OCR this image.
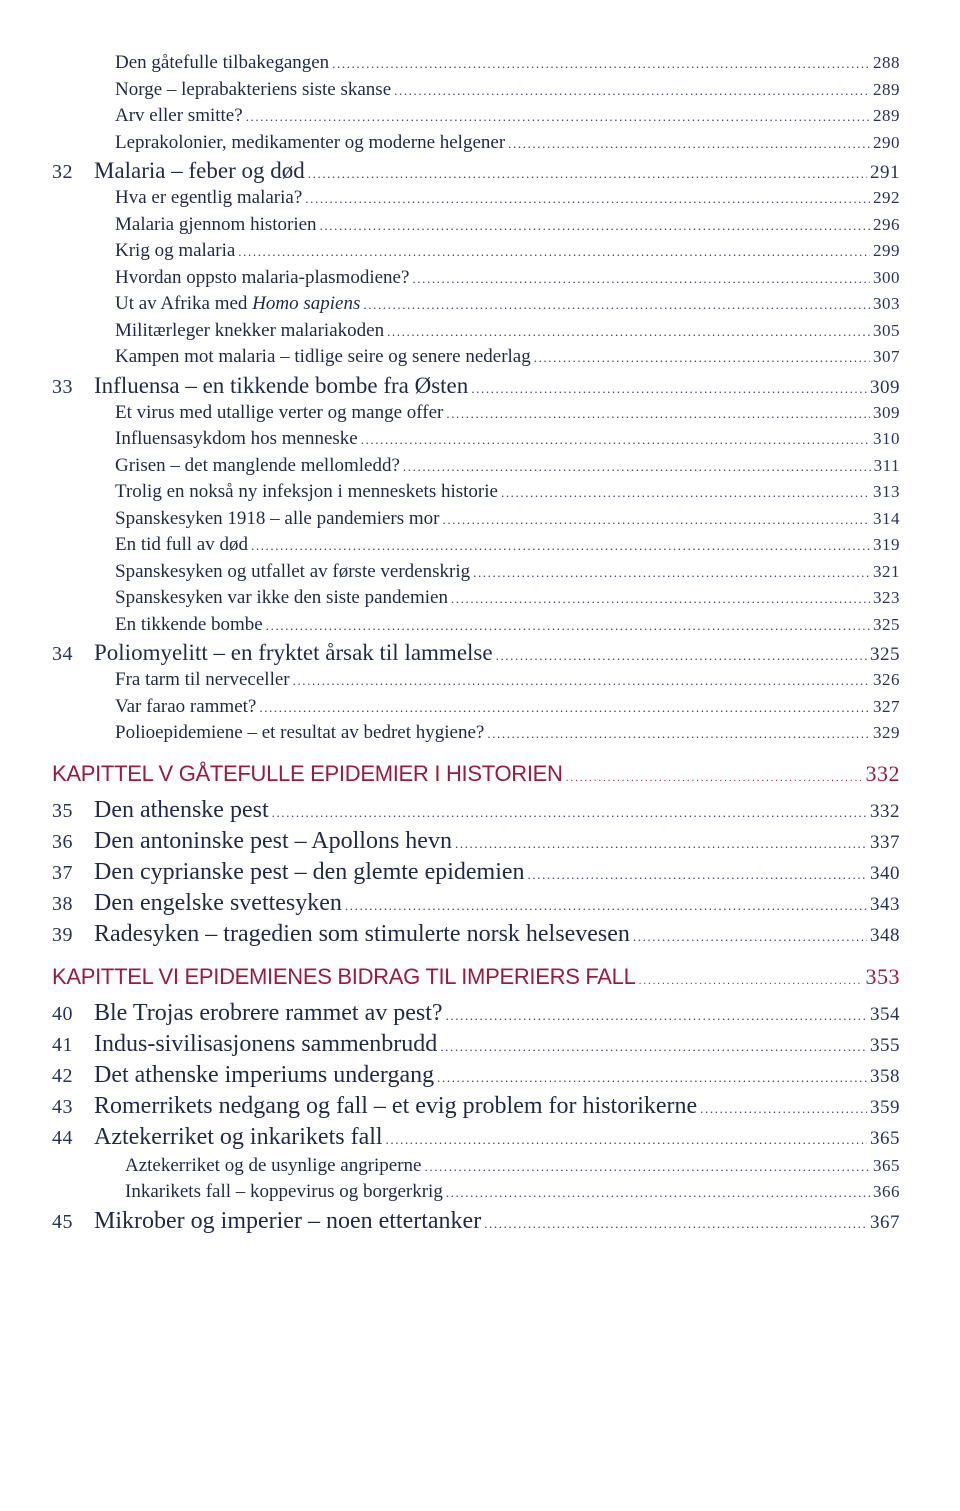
Den gåtefulle tilbakegangen .....	288
Norge – leprabakteriens siste skanse .....	289
Arv eller smitte? .....	289
Leprakolonier, medikamenter og moderne helgener .....	290
32 Malaria – feber og død .....	291
Hva er egentlig malaria? .....	292
Malaria gjennom historien .....	296
Krig og malaria .....	299
Hvordan oppsto malaria-plasmodiene? .....	300
Ut av Afrika med Homo sapiens .....	303
Militærleger knekker malariakoden .....	305
Kampen mot malaria – tidlige seire og senere nederlag .....	307
33 Influensa – en tikkende bombe fra Østen .....	309
Et virus med utallige verter og mange offer .....	309
Influensasykdom hos menneske .....	310
Grisen – det manglende mellomledd? .....	311
Trolig en nokså ny infeksjon i menneskets historie .....	313
Spanskesyken 1918 – alle pandemiers mor .....	314
En tid full av død .....	319
Spanskesyken og utfallet av første verdenskrig .....	321
Spanskesyken var ikke den siste pandemien .....	323
En tikkende bombe .....	325
34 Poliomyelitt – en fryktet årsak til lammelse .....	325
Fra tarm til nerveceller .....	326
Var farao rammet? .....	327
Polioepidemiene – et resultat av bedret hygiene? .....	329
KAPITTEL V GÅTEFULLE EPIDEMIER I HISTORIEN .....	332
35 Den athenske pest .....	332
36 Den antoninske pest – Apollons hevn .....	337
37 Den cyprianske pest – den glemte epidemien .....	340
38 Den engelske svettesyken .....	343
39 Radesyken – tragedien som stimulerte norsk helsevesen .....	348
KAPITTEL VI EPIDEMIENES BIDRAG TIL IMPERIERS FALL .....	353
40 Ble Trojas erobrere rammet av pest? .....	354
41 Indus-sivilisasjonens sammenbrudd .....	355
42 Det athenske imperiums undergang .....	358
43 Romerrikets nedgang og fall – et evig problem for historikerne .....	359
44 Aztekerriket og inkarikets fall .....	365
Aztekerriket og de usynlige angriperne .....	365
Inkarikets fall – koppevirus og borgerkrig .....	366
45 Mikrober og imperier – noen ettertanker .....	367
